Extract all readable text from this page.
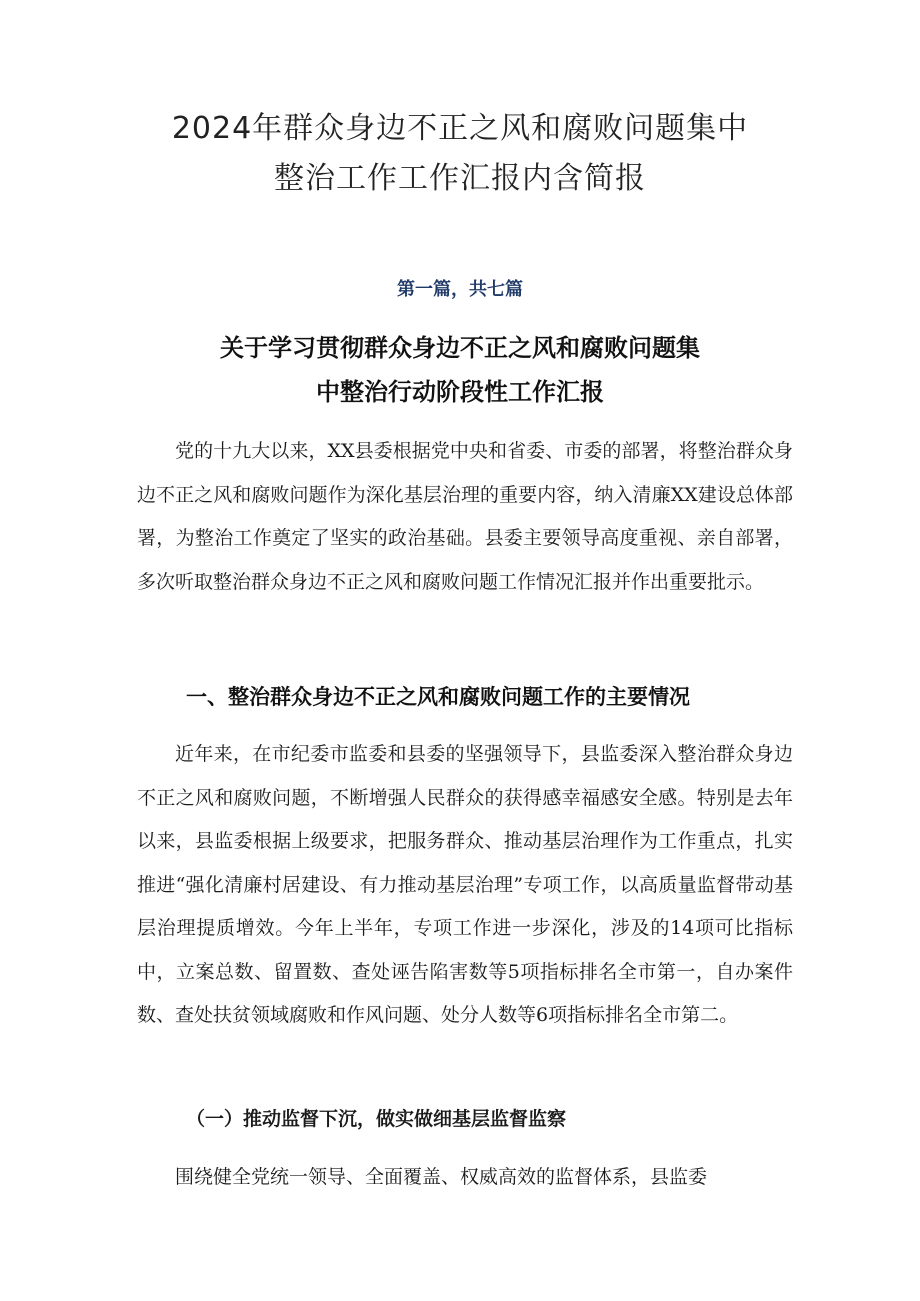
2024年群众身边不正之风和腐败问题集中
整治工作工作汇报内含简报

第一篇，共七篇

关于学习贯彻群众身边不正之风和腐败问题集
中整治行动阶段性工作汇报

党的十九大以来，XX县委根据党中央和省委、市委的部署，将整治群众身边不正之风和腐败问题作为深化基层治理的重要内容，纳入清廉XX建设总体部署，为整治工作奠定了坚实的政治基础。县委主要领导高度重视、亲自部署，多次听取整治群众身边不正之风和腐败问题工作情况汇报并作出重要批示。

一、整治群众身边不正之风和腐败问题工作的主要情况

近年来，在市纪委市监委和县委的坚强领导下，县监委深入整治群众身边不正之风和腐败问题，不断增强人民群众的获得感幸福感安全感。特别是去年以来，县监委根据上级要求，把服务群众、推动基层治理作为工作重点，扎实推进“强化清廉村居建设、有力推动基层治理”专项工作，以高质量监督带动基层治理提质增效。今年上半年，专项工作进一步深化，涉及的14项可比指标中，立案总数、留置数、查处诬告陷害数等5项指标排名全市第一，自办案件数、查处扶贫领域腐败和作风问题、处分人数等6项指标排名全市第二。

（一）推动监督下沉，做实做细基层监督监察

围绕健全党统一领导、全面覆盖、权威高效的监督体系，县监委
